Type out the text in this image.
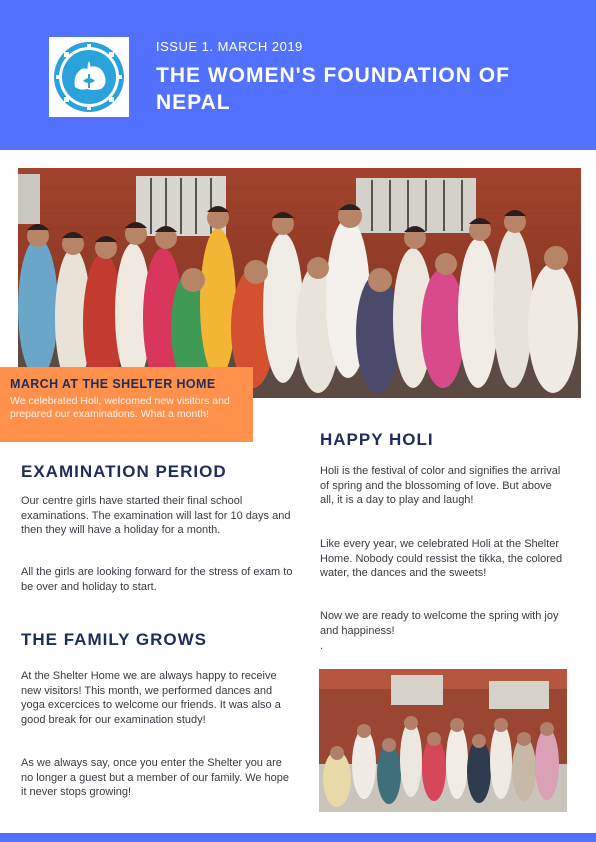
ISSUE 1. MARCH 2019
THE WOMEN'S FOUNDATION OF NEPAL
MARCH AT THE SHELTER HOME

We celebrated Holi, welcomed new visitors and prepared our examinations. What a month!

EXAMINATION PERIOD

Our centre girls have started their final school examinations. The examination will last for 10 days and then they will have a holiday for a month.

All the girls are looking forward for the stress of exam to be over and holiday to start.

THE FAMILY GROWS

At the Shelter Home we are always happy to receive new visitors! This month, we performed dances and yoga excercices to welcome our friends. It was also a good break for our examination study!

As we always say, once you enter the Shelter you are no longer a guest but a member of our family. We hope it never stops growing!

HAPPY HOLI

Holi is the festival of color and signifies the arrival of spring and the blossoming of love. But above all, it is a day to play and laugh!

Like every year, we celebrated Holi at the Shelter Home. Nobody could ressist the tikka, the colored water, the dances and the sweets!

Now we are ready to welcome the spring with joy and happiness!

.
